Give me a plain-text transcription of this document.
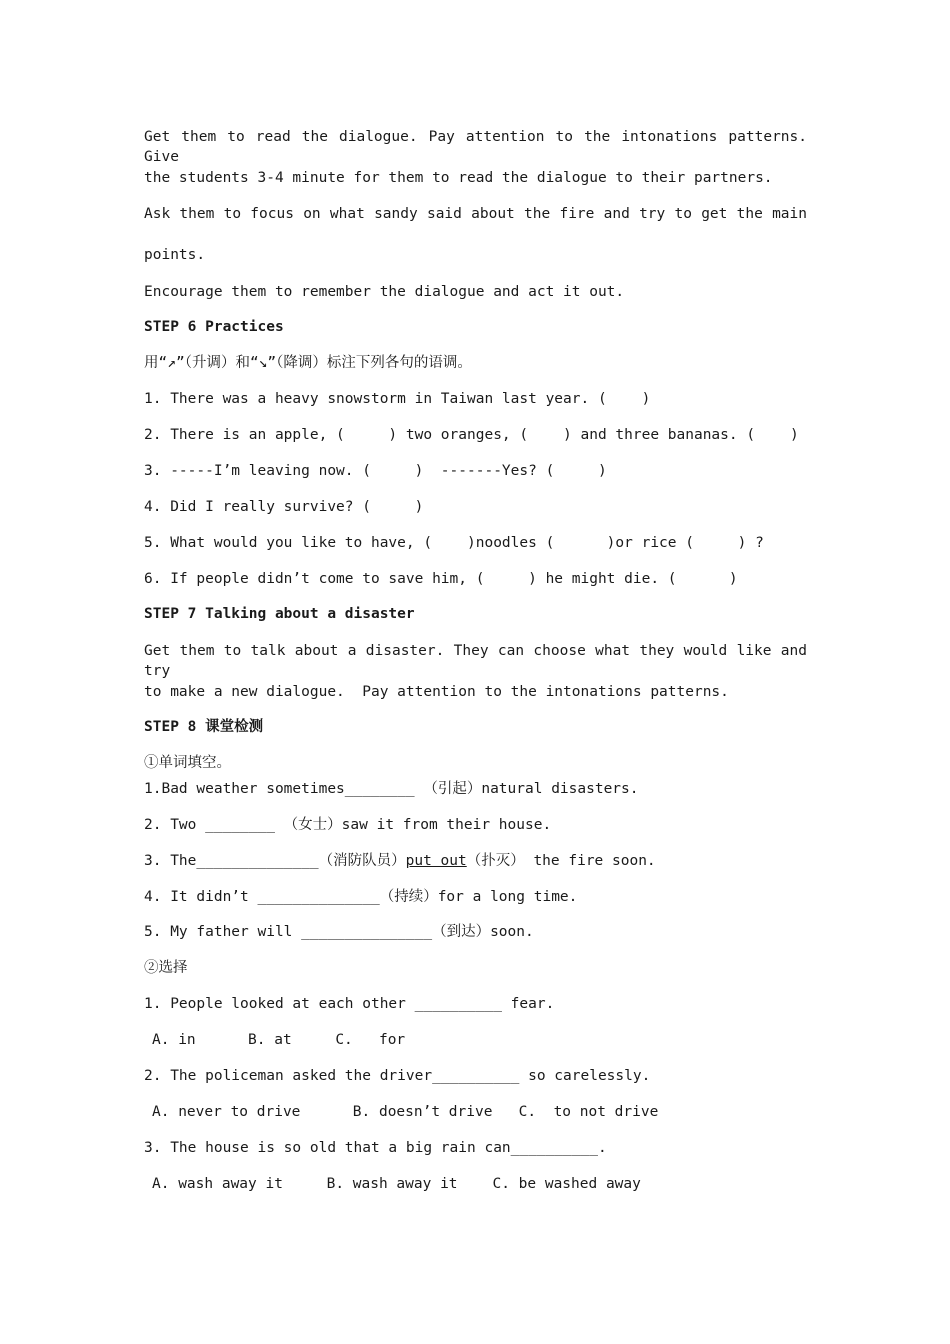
Get them to read the dialogue. Pay attention to the intonations patterns. Give
the students 3-4 minute for them to read the dialogue to their partners.
Ask them to focus on what sandy said about the fire and try to get the main
points.
Encourage them to remember the dialogue and act it out.
STEP 6 Practices
用“↗”（升调）和“↘”（降调）标注下列各句的语调。
1. There was a heavy snowstorm in Taiwan last year. (    )
2. There is an apple, (     ) two oranges, (    ) and three bananas. (    )
3. -----I’m leaving now. (     )  -------Yes? (     )
4. Did I really survive? (     )
5. What would you like to have, (    )noodles (      )or rice (     ) ?
6. If people didn’t come to save him, (     ) he might die. (      )
STEP 7 Talking about a disaster
Get them to talk about a disaster. They can choose what they would like and try
to make a new dialogue.  Pay attention to the intonations patterns.
STEP 8 课堂检测
①单词填空。
1.Bad weather sometimes________ （引起）natural disasters.
2. Two ________ （女士）saw it from their house.
3. The______________（消防队员）put out（扑灭） the fire soon.
4. It didn’t ______________（持续）for a long time.
5. My father will _______________（到达）soon.
②选择
1. People looked at each other __________ fear.
A. in      B. at     C.   for
2. The policeman asked the driver__________ so carelessly.
A. never to drive      B. doesn’t drive   C.  to not drive
3. The house is so old that a big rain can__________.
A. wash away it     B. wash away it    C. be washed away
